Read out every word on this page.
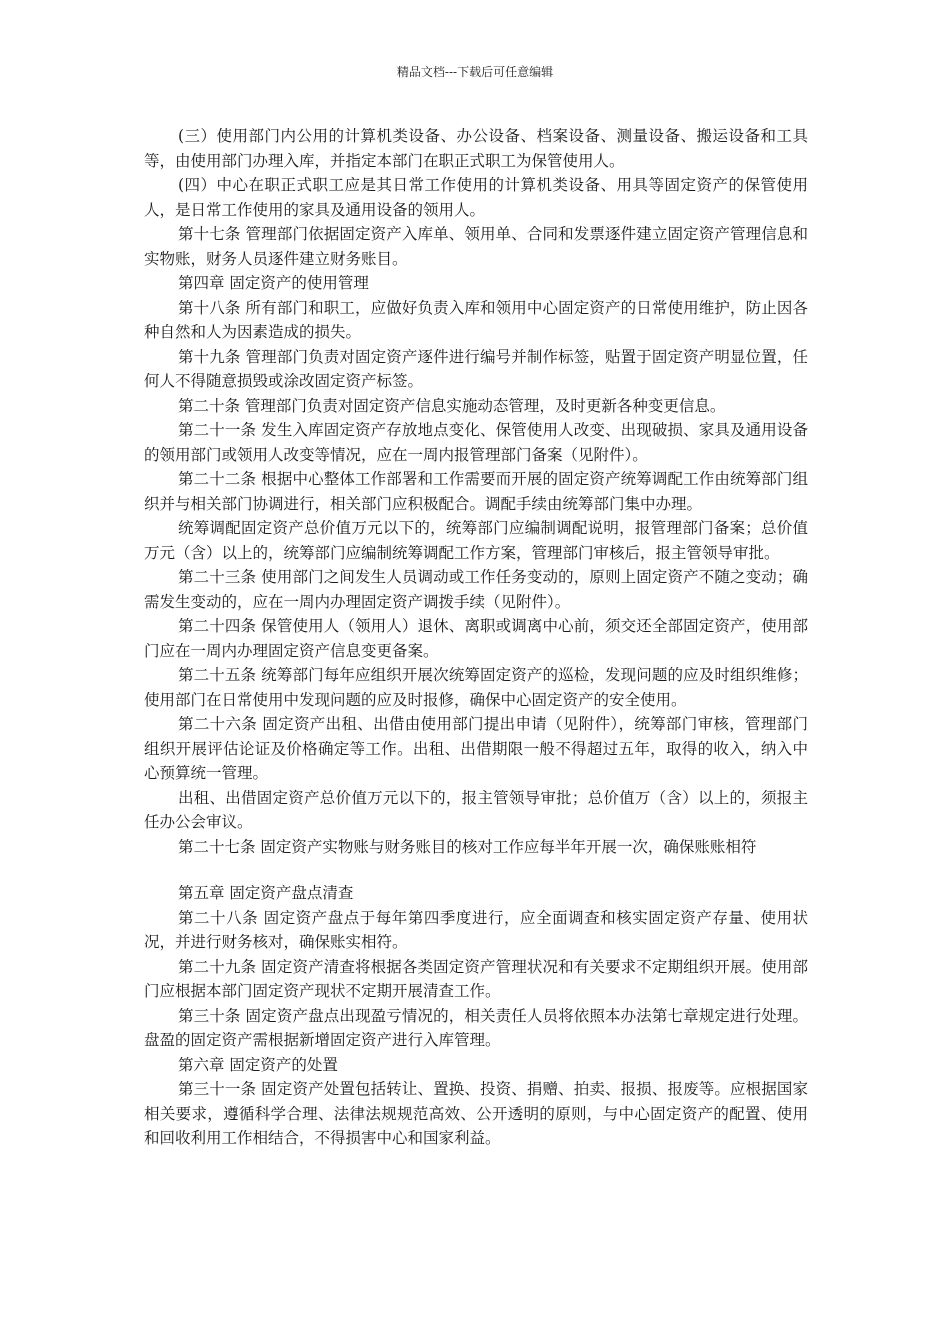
精品文档---下载后可任意编辑

(三）使用部门内公用的计算机类设备、办公设备、档案设备、测量设备、搬运设备和工具等，由使用部门办理入库，并指定本部门在职正式职工为保管使用人。

(四）中心在职正式职工应是其日常工作使用的计算机类设备、用具等固定资产的保管使用人，是日常工作使用的家具及通用设备的领用人。

第十七条 管理部门依据固定资产入库单、领用单、合同和发票逐件建立固定资产管理信息和实物账，财务人员逐件建立财务账目。

第四章 固定资产的使用管理

第十八条 所有部门和职工，应做好负责入库和领用中心固定资产的日常使用维护，防止因各种自然和人为因素造成的损失。

第十九条 管理部门负责对固定资产逐件进行编号并制作标签，贴置于固定资产明显位置，任何人不得随意损毁或涂改固定资产标签。

第二十条 管理部门负责对固定资产信息实施动态管理，及时更新各种变更信息。

第二十一条 发生入库固定资产存放地点变化、保管使用人改变、出现破损、家具及通用设备的领用部门或领用人改变等情况，应在一周内报管理部门备案（见附件）。

第二十二条 根据中心整体工作部署和工作需要而开展的固定资产统筹调配工作由统筹部门组织并与相关部门协调进行，相关部门应积极配合。调配手续由统筹部门集中办理。

统筹调配固定资产总价值万元以下的，统筹部门应编制调配说明，报管理部门备案；总价值万元（含）以上的，统筹部门应编制统筹调配工作方案，管理部门审核后，报主管领导审批。

第二十三条 使用部门之间发生人员调动或工作任务变动的，原则上固定资产不随之变动；确需发生变动的，应在一周内办理固定资产调拨手续（见附件）。

第二十四条 保管使用人（领用人）退休、离职或调离中心前，须交还全部固定资产，使用部门应在一周内办理固定资产信息变更备案。

第二十五条 统筹部门每年应组织开展次统筹固定资产的巡检，发现问题的应及时组织维修；使用部门在日常使用中发现问题的应及时报修，确保中心固定资产的安全使用。

第二十六条 固定资产出租、出借由使用部门提出申请（见附件），统筹部门审核，管理部门组织开展评估论证及价格确定等工作。出租、出借期限一般不得超过五年，取得的收入，纳入中心预算统一管理。

出租、出借固定资产总价值万元以下的，报主管领导审批；总价值万（含）以上的，须报主任办公会审议。

第二十七条 固定资产实物账与财务账目的核对工作应每半年开展一次，确保账账相符

第五章 固定资产盘点清查

第二十八条 固定资产盘点于每年第四季度进行，应全面调查和核实固定资产存量、使用状况，并进行财务核对，确保账实相符。

第二十九条 固定资产清查将根据各类固定资产管理状况和有关要求不定期组织开展。使用部门应根据本部门固定资产现状不定期开展清查工作。

第三十条 固定资产盘点出现盈亏情况的，相关责任人员将依照本办法第七章规定进行处理。盘盈的固定资产需根据新增固定资产进行入库管理。

第六章 固定资产的处置

第三十一条 固定资产处置包括转让、置换、投资、捐赠、拍卖、报损、报废等。应根据国家相关要求，遵循科学合理、法律法规规范高效、公开透明的原则，与中心固定资产的配置、使用和回收利用工作相结合，不得损害中心和国家利益。
